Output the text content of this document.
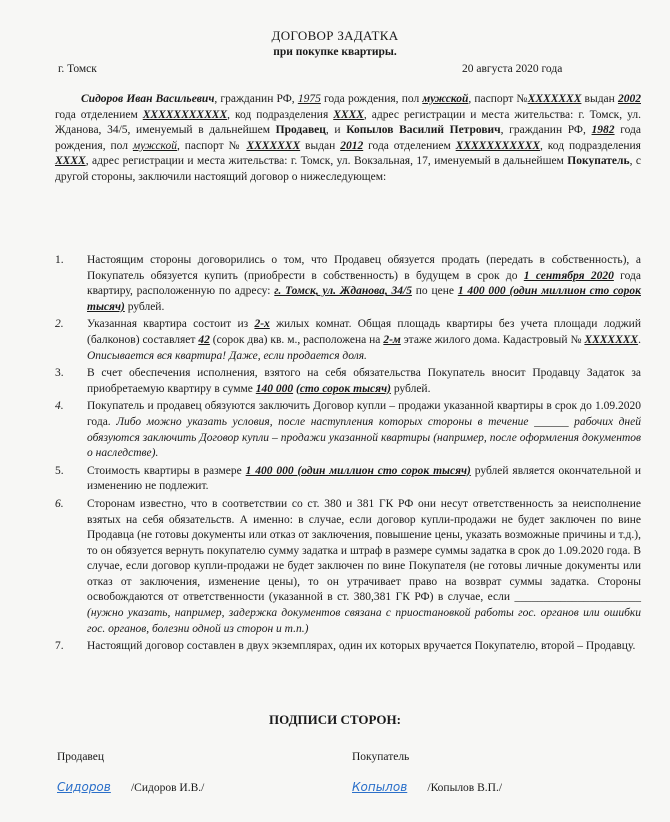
ДОГОВОР ЗАДАТКА
при покупке квартиры.
г. Томск	20 августа 2020 года
Сидоров Иван Васильевич, гражданин РФ, 1975 года рождения, пол мужской, паспорт №ХХХХХХХ выдан 2002 года отделением ХХХХХХХХХХХ, код подразделения ХХХХ, адрес регистрации и места жительства: г. Томск, ул. Жданова, 34/5, именуемый в дальнейшем Продавец, и Копылов Василий Петрович, гражданин РФ, 1982 года рождения, пол мужской, паспорт № ХХХХХХХ выдан 2012 года отделением ХХХХХХХХХХХ, код подразделения ХХХХ, адрес регистрации и места жительства: г. Томск, ул. Вокзальная, 17, именуемый в дальнейшем Покупатель, с другой стороны, заключили настоящий договор о нижеследующем:
1.	Настоящим стороны договорились о том, что Продавец обязуется продать (передать в собственность), а Покупатель обязуется купить (приобрести в собственность) в будущем в срок до 1 сентября 2020 года квартиру, расположенную по адресу: г. Томск, ул. Жданова, 34/5 по цене 1 400 000 (один миллион сто сорок тысяч) рублей.
2.	Указанная квартира состоит из 2-х жилых комнат. Общая площадь квартиры без учета площади лоджий (балконов) составляет 42 (сорок два) кв. м., расположена на 2-м этаже жилого дома. Кадастровый № ХХХХХХХ. Описывается вся квартира! Даже, если продается доля.
3.	В счет обеспечения исполнения, взятого на себя обязательства Покупатель вносит Продавцу Задаток за приобретаемую квартиру в сумме 140 000 (сто сорок тысяч) рублей.
4.	Покупатель и продавец обязуются заключить Договор купли – продажи указанной квартиры в срок до 1.09.2020 года. Либо можно указать условия, после наступления которых стороны в течение ______ рабочих дней обязуются заключить Договор купли – продажи указанной квартиры (например, после оформления документов о наследстве).
5.	Стоимость квартиры в размере 1 400 000 (один миллион сто сорок тысяч) рублей является окончательной и изменению не подлежит.
6.	Сторонам известно, что в соответствии со ст. 380 и 381 ГК РФ они несут ответственность за неисполнение взятых на себя обязательств. А именно: в случае, если договор купли-продажи не будет заключен по вине Продавца (не готовы документы или отказ от заключения, повышение цены, указать возможные причины и т.д.), то он обязуется вернуть покупателю сумму задатка и штраф в размере суммы задатка в срок до 1.09.2020 года. В случае, если договор купли-продажи не будет заключен по вине Покупателя (не готовы личные документы или отказ от заключения, изменение цены), то он утрачивает право на возврат суммы задатка. Стороны освобождаются от ответственности (указанной в ст. 380,381 ГК РФ) в случае, если ______________________ (нужно указать, например, задержка документов связана с приостановкой работы гос. органов или ошибки гос. органов, болезни одной из сторон и т.п.)
7.	Настоящий договор составлен в двух экземплярах, один их которых вручается Покупателю, второй – Продавцу.
ПОДПИСИ СТОРОН:
Продавец	Покупатель
Сидоров /Сидоров И.В./	Копылов /Копылов В.П./
